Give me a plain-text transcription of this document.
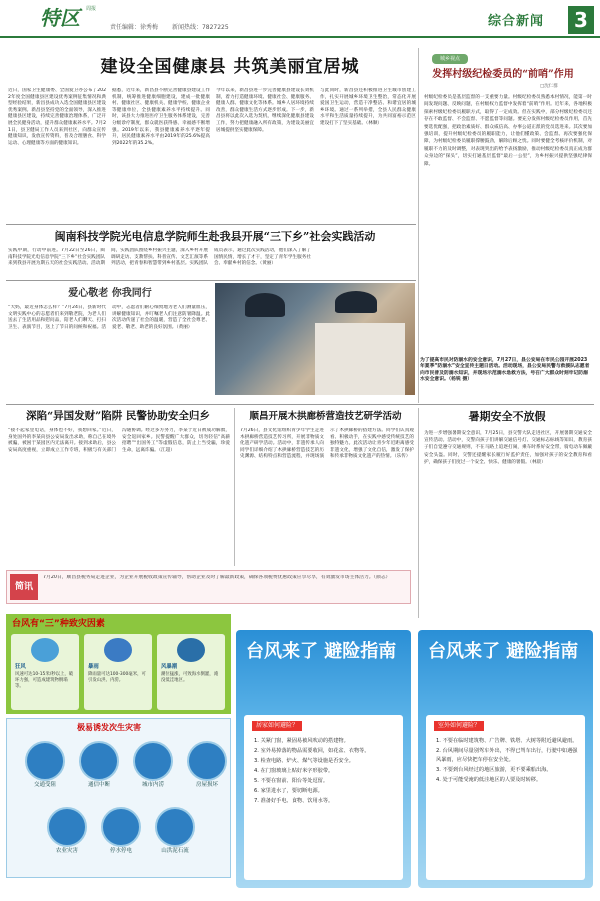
特区	周报
责任编辑：徐秀梅 新闻热线：7827225	综合新闻	3
建设全国健康县 共筑美丽宜居城
近日，国家卫生健康委、全国爱卫办公布了2022年度全国健康县区建设优秀案例征集情况和典型经验结果，新昌县成功入选全国健康县区建设优秀案例。新昌县坚持党的全面领导，深入推进健康县区建设，持续完善健康治理体系，广泛开展全民健身活动，提升群众健康素养水平。7月21日，县卫健局工作人员来到社区，向群众宣传健康知识，发放宣传资料，普及合理膳食、科学运动、心理健康等方面的健康知识。
据悉，近年来，新昌县不断完善健康县建设工作机制，统筹推进健康细胞建设，建成一批健康村、健康社区、健康机关、健康学校、健康企业等健康单位，全县健康素养水平持续提升。同时，该县大力推进医疗卫生服务体系建设，完善分级诊疗制度，群众就医获得感、幸福感不断增强。2019年以来，我县健康素养水平逐年提升，居民健康素养水平由2019年的25.6%提高到2022年的35.2%。
今年以来，新昌县进一步完善健康县建设长效机制，着力打造健康环境、健康社会、健康服务、健康人群、健康文化等体系。城乡人居环境持续改善，群众健康生活方式逐步形成。下一步，新昌县将以此次入选为契机，继续深化健康县建设工作，努力把健康融入所有政策，为建设美丽宜居城提供坚实健康保障。
与此同时，新昌县还积极推进卫生城市创建工作，扎实开展城乡环境卫生整治，常态化开展爱国卫生运动，营造干净整洁、和谐宜居的城乡环境。通过一系列举措，全县人民群众健康水平和生活质量持续提升，为共同富裕示范区建设打下了坚实基础。（林顺）
城乡视点
发挥村级纪检委员的“前哨”作用
□沈仁群
村级纪检委员是基层监督的一支重要力量。村级纪检委员熟悉本村情况，能第一时间发现问题、反映问题，在村级权力监督中发挥着“前哨”作用。近年来，各地积极探索村级纪检委员履职方式，取得了一定成效。但在实践中，部分村级纪检委员还存在不敢监督、不会监督、不愿监督等问题。要充分发挥村级纪检委员作用，首先要选优配强，把政治素质好、群众威信高、办事公道正派的党员选进来。其次要加强培训，提升村级纪检委员的履职能力，让他们懂政策、会监督。再次要强化保障，为村级纪检委员履职撑腰鼓劲，解除后顾之忧。同时要健全考核评价机制，对履职不力的及时调整，对表现突出的给予表扬激励，推动村级纪检委员真正成为群众身边的“探头”，切实打通基层监督“最后一公里”，为乡村振兴提供坚强纪律保障。
闽南科技学院光电信息学院师生赴我县开展“三下乡”社会实践活动
实践中期，行动中前进。7月22日至26日，闽南科技学院光电信息学院“三下乡”社会实践团队来到我县开展为期五天的社会实践活动。活动期间，实践团队围绕乡村振兴主题，深入乡村开展调研走访、支教帮扶、科普宣传、文艺汇演等系列活动，把青春和智慧带到乡村基层。实践团队成员表示，通过此次实践活动，他们深入了解了国情民情，增长了才干，坚定了青年学生服务社会、奉献乡村的信念。（黄丽）
爱心敬老 你我同行
“大妈，最近身体怎么样？”7月24日，县新时代文明实践中心的志愿者们来到敬老院，为老人们送去了生活用品和慰问品，陪老人们聊天、打扫卫生、表演节目，送上了节日的问候和祝福。活动中，志愿者们耐心细致地为老人们测量血压，讲解健康知识，并叮嘱老人们注意防暑降温。此次活动传递了社会的温暖，营造了全社会尊老、爱老、敬老、助老的良好氛围。（黄丽）
为了提高市民对防溺水的安全意识，7月27日，县公安局在市民公园开展2023年夏季“防溺水”安全宣传主题日活动。活动现场，县公安局民警与救援队志愿者向市民普及防溺水知识，并现场示范溺水急救方法，号召广大群众时刻牢记防溺水安全意识。（杨锐 摄）
深陷“异国发财”陷阱 民警协助安全归乡
“接不起家里电话，身体也不好，我想回家。”近日，身处国外的李某向县公安局发出求助，称自己在境外被骗，被困于某园区内无法离开。接到求助后，县公安局高度重视，立即成立工作专班，积极与有关部门沟通协调。经过多方努力，李某于近日被成功解救，安全返回家乡。民警提醒广大群众，切勿轻信“高薪招聘”“出国务工”等虚假信息，防止上当受骗，珍爱生命，远离诈骗。（江超）
顺昌开展木拱廊桥营造技艺研学活动
7月26日，县文化馆组织青少年学生走进木拱廊桥营造技艺传习所，开展非物质文化遗产研学活动。活动中，非遗传承人向同学们详细介绍了木拱廊桥营造技艺的历史渊源、结构特点和营造流程，并现场演示了木拱廊桥的搭建方法。同学们认真观看、积极动手，在实践中感受传统技艺的独特魅力。此次活动让青少年近距离感受非遗文化，增强了文化自信，激发了保护和传承非物质文化遗产的热情。（乐传）
暑期安全不放假
为进一步增强暑期安全意识，7月25日，县交警大队走进社区，开展暑期交通安全宣传活动。活动中，交警向孩子们讲解交通信号灯、交通标志标线等知识，教育孩子们自觉遵守交通规则，不在马路上追逐打闹，乘车时系好安全带，骑电动车佩戴安全头盔。同时，交警还提醒家长履行好监护责任，加强对孩子的安全教育和看护，确保孩子们度过一个安全、快乐、健康的暑假。（林晨）
简讯
7月20日，顺昌县税务局走进企业，为企业开展税收政策宣传辅导，帮助企业及时了解最新政策，确保各项税费优惠政策应享尽享，有效激发市场主体活力。（颜志）
台风有“三”种致灾因素
狂风
风速可达10-15米/秒以上，破坏力强，可造成建筑物倒塌等。
暴雨
降雨量可达100-300毫米，可引发山洪、内涝。
风暴潮
潮位猛涨，可致海水倒灌，淹没低洼地区。
极易诱发次生灾害
交通受阻	通信中断	城市内涝	房屋损坏
农业灾害	停水停电	山洪泥石流
台风来了 避险指南
居家如何避险？
1. 关紧门窗，紧固易被风吹动的搭建物。
2. 室外易掉落的物品需要收回，如花盆、衣物等。
3. 检查电路、炉火、煤气等设施是否安全。
4. 在门窗玻璃上贴好米字形胶带。
5. 不要在窗前、阳台等处逗留。
6. 家里进水了，要切断电源。
7. 准备好手电、食物、饮用水等。
台风来了 避险指南
室外如何避险？
1. 不要在临时建筑物、广告牌、铁塔、大树等附近避风避雨。
2. 台风期间尽量别驾车外出，不得已驾车出行，行驶中如遇强风暴雨，应尽快把车停在安全处。
3. 不要到台风经过的地区旅游，更不要乘船出海。
4. 处于可能受淹的低洼地区的人要及时转移。
